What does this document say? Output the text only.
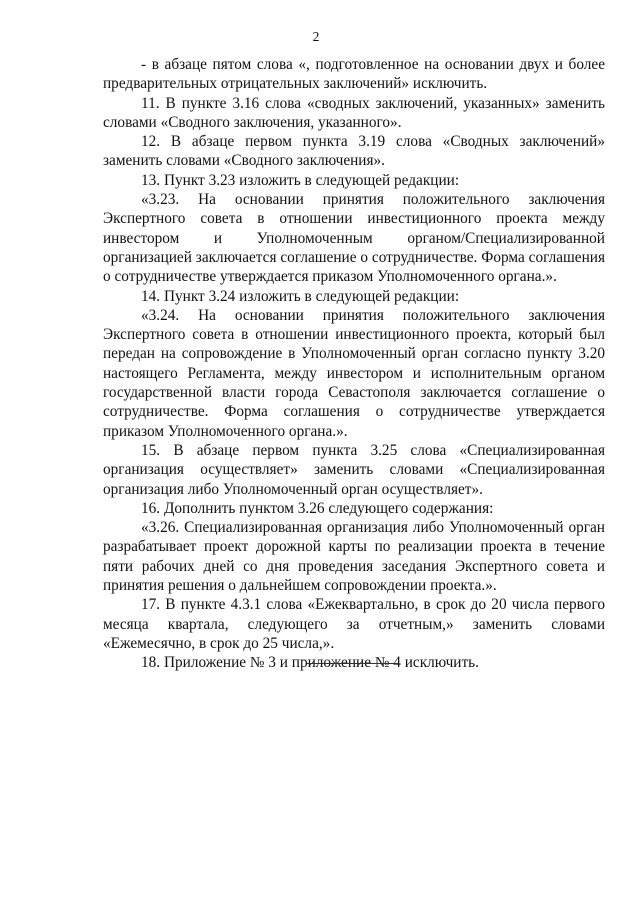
2

- в абзаце пятом слова «, подготовленное на основании двух и более предварительных отрицательных заключений» исключить.

11. В пункте 3.16 слова «сводных заключений, указанных» заменить словами «Сводного заключения, указанного».

12. В абзаце первом пункта 3.19 слова «Сводных заключений» заменить словами «Сводного заключения».

13. Пункт 3.23 изложить в следующей редакции:

«3.23. На основании принятия положительного заключения Экспертного совета в отношении инвестиционного проекта между инвестором и Уполномоченным органом/Специализированной организацией заключается соглашение о сотрудничестве. Форма соглашения о сотрудничестве утверждается приказом Уполномоченного органа.».

14. Пункт 3.24 изложить в следующей редакции:

«3.24. На основании принятия положительного заключения Экспертного совета в отношении инвестиционного проекта, который был передан на сопровождение в Уполномоченный орган согласно пункту 3.20 настоящего Регламента, между инвестором и исполнительным органом государственной власти города Севастополя заключается соглашение о сотрудничестве. Форма соглашения о сотрудничестве утверждается приказом Уполномоченного органа.».

15. В абзаце первом пункта 3.25 слова «Специализированная организация осуществляет» заменить словами «Специализированная организация либо Уполномоченный орган осуществляет».

16. Дополнить пунктом 3.26 следующего содержания:

«3.26. Специализированная организация либо Уполномоченный орган разрабатывает проект дорожной карты по реализации проекта в течение пяти рабочих дней со дня проведения заседания Экспертного совета и принятия решения о дальнейшем сопровождении проекта.».

17. В пункте 4.3.1 слова «Ежеквартально, в срок до 20 числа первого месяца квартала, следующего за отчетным,» заменить словами «Ежемесячно, в срок до 25 числа,».

18. Приложение № 3 и приложение № 4 исключить.
